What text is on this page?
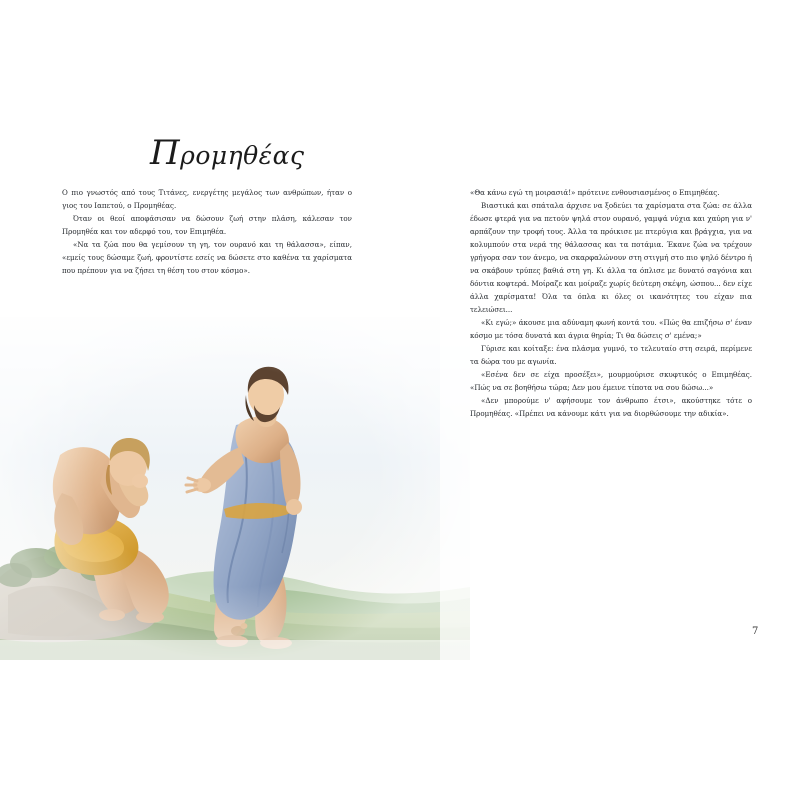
Προμηθέας

Ο πιο γνωστός από τους Τιτάνες, ενεργέτης μεγάλος των ανθρώπων, ήταν ο γιος του Ιαπετού, ο Προμηθέας.

Όταν οι θεοί αποφάσισαν να δώσουν ζωή στην πλάση, κάλεσαν τον Προμηθέα και τον αδερφό του, τον Επιμηθέα.

«Να τα ζώα που θα γεμίσουν τη γη, τον ουρανό και τη θάλασσα», είπαν, «εμείς τους δώσαμε ζωή, φροντίστε εσείς να δώσετε στο καθένα τα χαρίσματα που πρέπουν για να ζήσει τη θέση του στον κόσμο».

«Θα κάνω εγώ τη μοιρασιά!» πρότεινε ενθουσιασμένος ο Επιμηθέας.

Βιαστικά και σπάταλα άρχισε να ξοδεύει τα χαρίσματα στα ζώα: σε άλλα έδωσε φτερά για να πετούν ψηλά στον ουρανό, γαμψά νύχια και χαύρη για ν' αρπάζουν την τροφή τους. Άλλα τα πρόικισε με πτερύγια και βράγχια, για να κολυμπούν στα νερά της θάλασσας και τα ποτάμια. Έκανε ζώα να τρέχουν γρήγορα σαν τον άνεμο, να σκαρφαλώνουν στη στιγμή στο πιο ψηλό δέντρο ή να σκάβουν τρύπες βαθιά στη γη. Κι άλλα τα όπλισε με δυνατό σαγόνια και δόντια κοφτερά. Μοίραζε και μοίραζε χωρίς δεύτερη σκέψη, ώσπου... δεν είχε άλλα χαρίσματα! Όλα τα όπλα κι όλες οι ικανότητες του είχαν πια τελειώσει...

«Κι εγώ;» άκουσε μια αδύναμη φωνή κοντά του. «Πώς θα επιζήσω σ' έναν κόσμο με τόσα δυνατά και άγρια θηρία; Τι θα δώσεις σ' εμένα;»

Γύρισε και κοίταξε: ένα πλάσμα γυμνό, το τελευταίο στη σειρά, περίμενε τα δώρα του με αγωνία.

«Εσένα δεν σε είχα προσέξει», μουρμούρισε σκυφτικός ο Επιμηθέας. «Πώς να σε βοηθήσω τώρα; Δεν μου έμεινε τίποτα να σου δώσω...»

«Δεν μπορούμε ν' αφήσουμε τον άνθρωπο έτσι», ακούστηκε τότε ο Προμηθέας. «Πρέπει να κάνουμε κάτι για να διορθώσουμε την αδικία».

7
